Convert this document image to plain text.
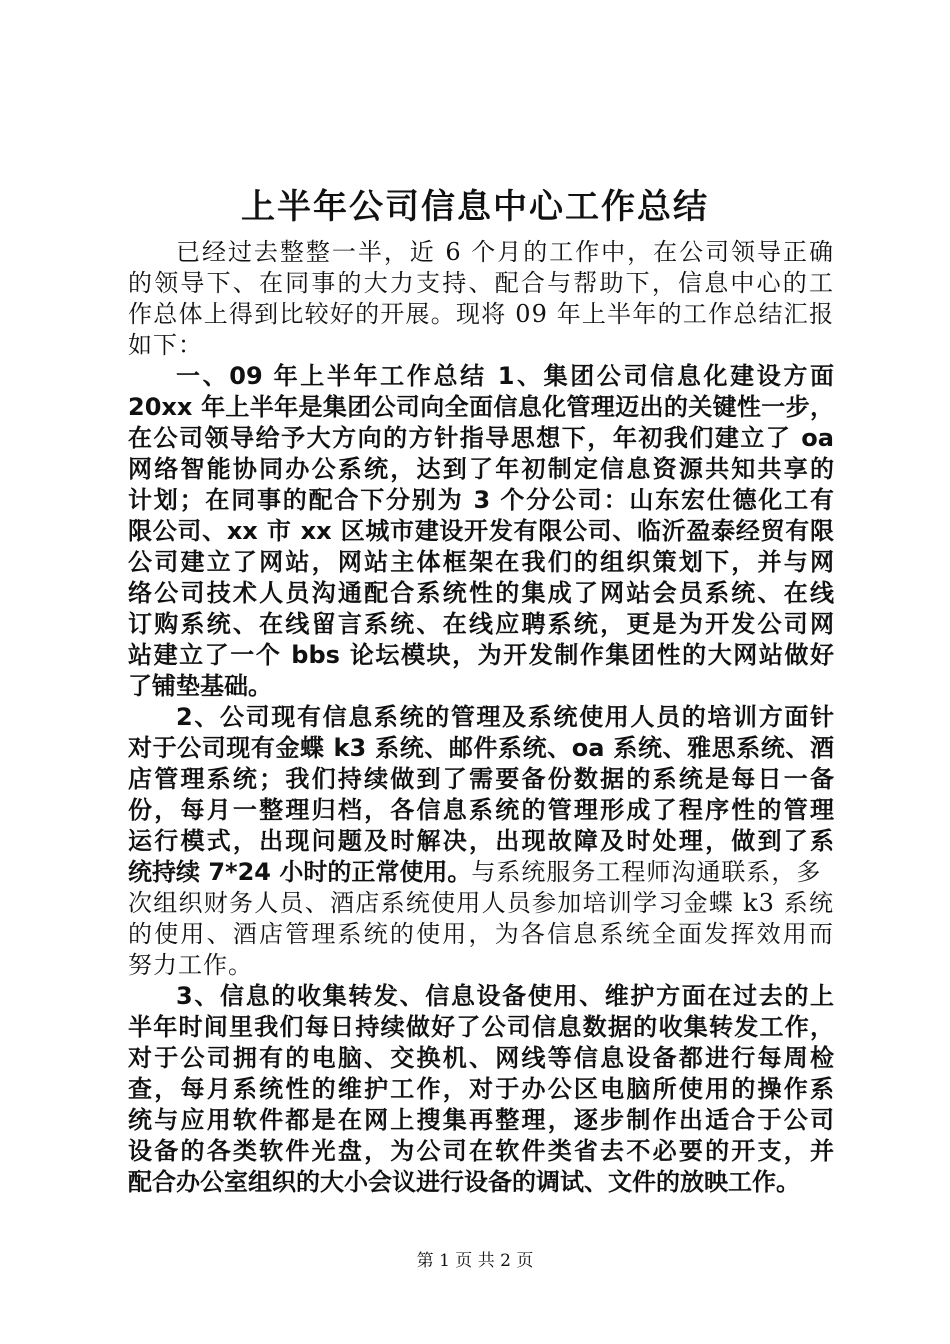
上半年公司信息中心工作总结
已经过去整整一半，近 6 个月的工作中，在公司领导正确
的领导下、在同事的大力支持、配合与帮助下，信息中心的工
作总体上得到比较好的开展。现将 09 年上半年的工作总结汇报
如下：
一、09 年上半年工作总结 1、集团公司信息化建设方面
20xx 年上半年是集团公司向全面信息化管理迈出的关键性一步，
在公司领导给予大方向的方针指导思想下，年初我们建立了 oa
网络智能协同办公系统，达到了年初制定信息资源共知共享的
计划；在同事的配合下分别为 3 个分公司：山东宏仕德化工有
限公司、xx 市 xx 区城市建设开发有限公司、临沂盈泰经贸有限
公司建立了网站，网站主体框架在我们的组织策划下，并与网
络公司技术人员沟通配合系统性的集成了网站会员系统、在线
订购系统、在线留言系统、在线应聘系统，更是为开发公司网
站建立了一个 bbs 论坛模块，为开发制作集团性的大网站做好
了铺垫基础。
2、公司现有信息系统的管理及系统使用人员的培训方面针
对于公司现有金蝶 k3 系统、邮件系统、oa 系统、雅思系统、酒
店管理系统；我们持续做到了需要备份数据的系统是每日一备
份，每月一整理归档，各信息系统的管理形成了程序性的管理
运行模式，出现问题及时解决，出现故障及时处理，做到了系
统持续 7*24 小时的正常使用。与系统服务工程师沟通联系，多
次组织财务人员、酒店系统使用人员参加培训学习金蝶 k3 系统
的使用、酒店管理系统的使用，为各信息系统全面发挥效用而
努力工作。
3、信息的收集转发、信息设备使用、维护方面在过去的上
半年时间里我们每日持续做好了公司信息数据的收集转发工作，
对于公司拥有的电脑、交换机、网线等信息设备都进行每周检
查，每月系统性的维护工作，对于办公区电脑所使用的操作系
统与应用软件都是在网上搜集再整理，逐步制作出适合于公司
设备的各类软件光盘，为公司在软件类省去不必要的开支，并
配合办公室组织的大小会议进行设备的调试、文件的放映工作。
第 1 页 共 2 页
